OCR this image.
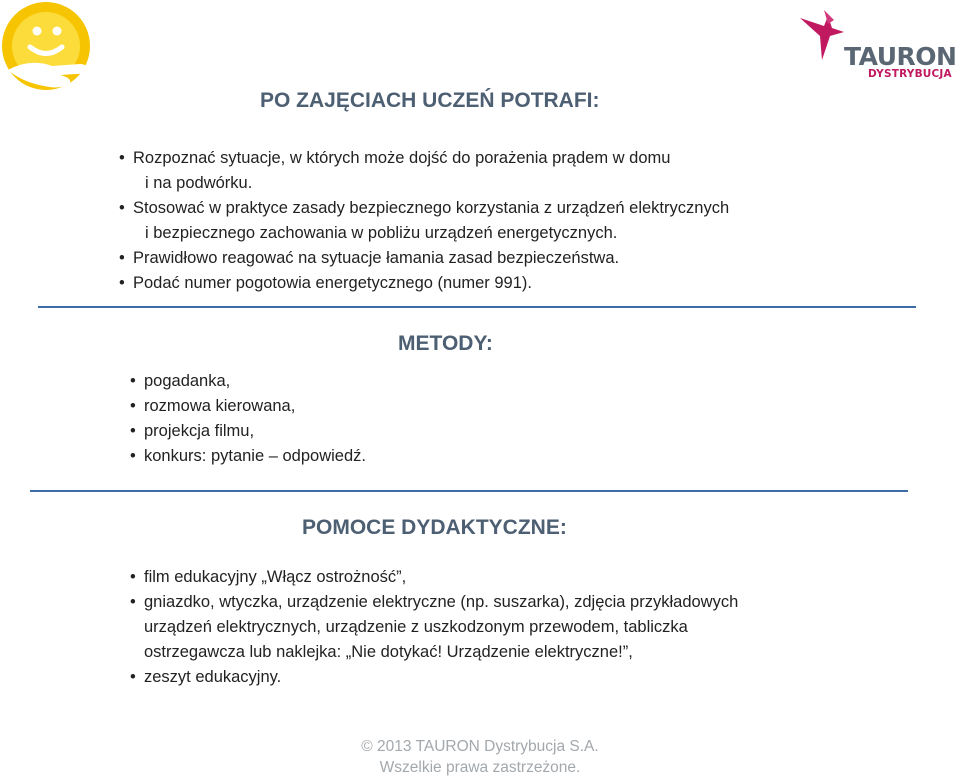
TAURON
DYSTRYBUCJA
PO ZAJĘCIACH UCZEŃ POTRAFI:
• Rozpoznać sytuacje, w których może dojść do porażenia prądem w domu
i na podwórku.
• Stosować w praktyce zasady bezpiecznego korzystania z urządzeń elektrycznych
i bezpiecznego zachowania w pobliżu urządzeń energetycznych.
• Prawidłowo reagować na sytuacje łamania zasad bezpieczeństwa.
• Podać numer pogotowia energetycznego (numer 991).
METODY:
• pogadanka,
• rozmowa kierowana,
• projekcja filmu,
• konkurs: pytanie – odpowiedź.
POMOCE DYDAKTYCZNE:
• film edukacyjny „Włącz ostrożność”,
• gniazdko, wtyczka, urządzenie elektryczne (np. suszarka), zdjęcia przykładowych
urządzeń elektrycznych, urządzenie z uszkodzonym przewodem, tabliczka
ostrzegawcza lub naklejka: „Nie dotykać! Urządzenie elektryczne!”,
• zeszyt edukacyjny.
© 2013 TAURON Dystrybucja S.A.
Wszelkie prawa zastrzeżone.
